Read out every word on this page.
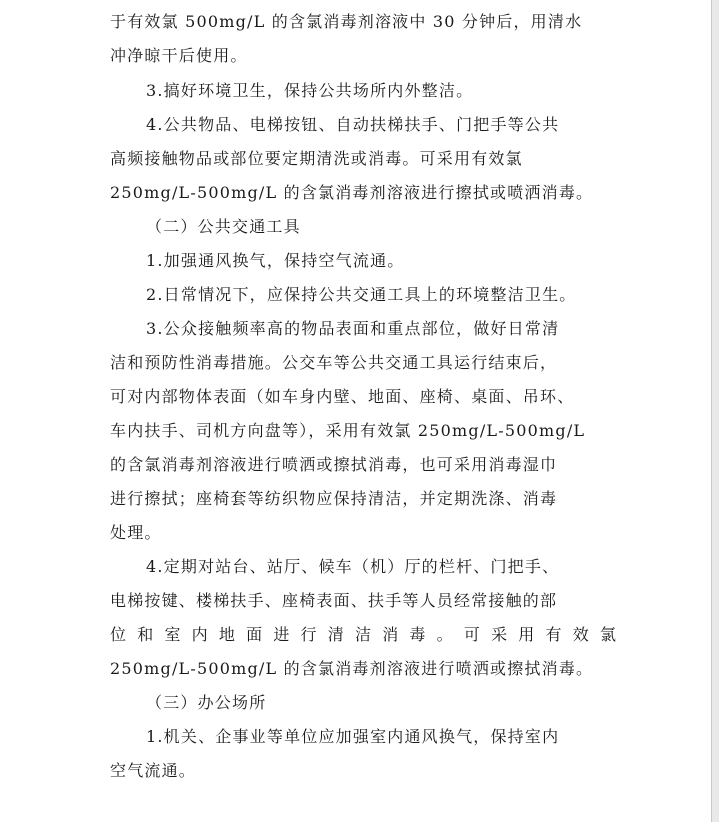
于有效氯 500mg/L 的含氯消毒剂溶液中 30 分钟后，用清水
冲净晾干后使用。
3.搞好环境卫生，保持公共场所内外整洁。
4.公共物品、电梯按钮、自动扶梯扶手、门把手等公共
高频接触物品或部位要定期清洗或消毒。可采用有效氯
250mg/L-500mg/L 的含氯消毒剂溶液进行擦拭或喷洒消毒。
（二）公共交通工具
1.加强通风换气，保持空气流通。
2.日常情况下，应保持公共交通工具上的环境整洁卫生。
3.公众接触频率高的物品表面和重点部位，做好日常清
洁和预防性消毒措施。公交车等公共交通工具运行结束后，
可对内部物体表面（如车身内壁、地面、座椅、桌面、吊环、
车内扶手、司机方向盘等），采用有效氯 250mg/L-500mg/L
的含氯消毒剂溶液进行喷洒或擦拭消毒，也可采用消毒湿巾
进行擦拭；座椅套等纺织物应保持清洁，并定期洗涤、消毒
处理。
4.定期对站台、站厅、候车（机）厅的栏杆、门把手、
电梯按键、楼梯扶手、座椅表面、扶手等人员经常接触的部
位 和 室 内 地 面 进 行 清 洁 消 毒 。 可 采 用 有 效 氯
250mg/L-500mg/L 的含氯消毒剂溶液进行喷洒或擦拭消毒。
（三）办公场所
1.机关、企事业等单位应加强室内通风换气，保持室内
空气流通。
